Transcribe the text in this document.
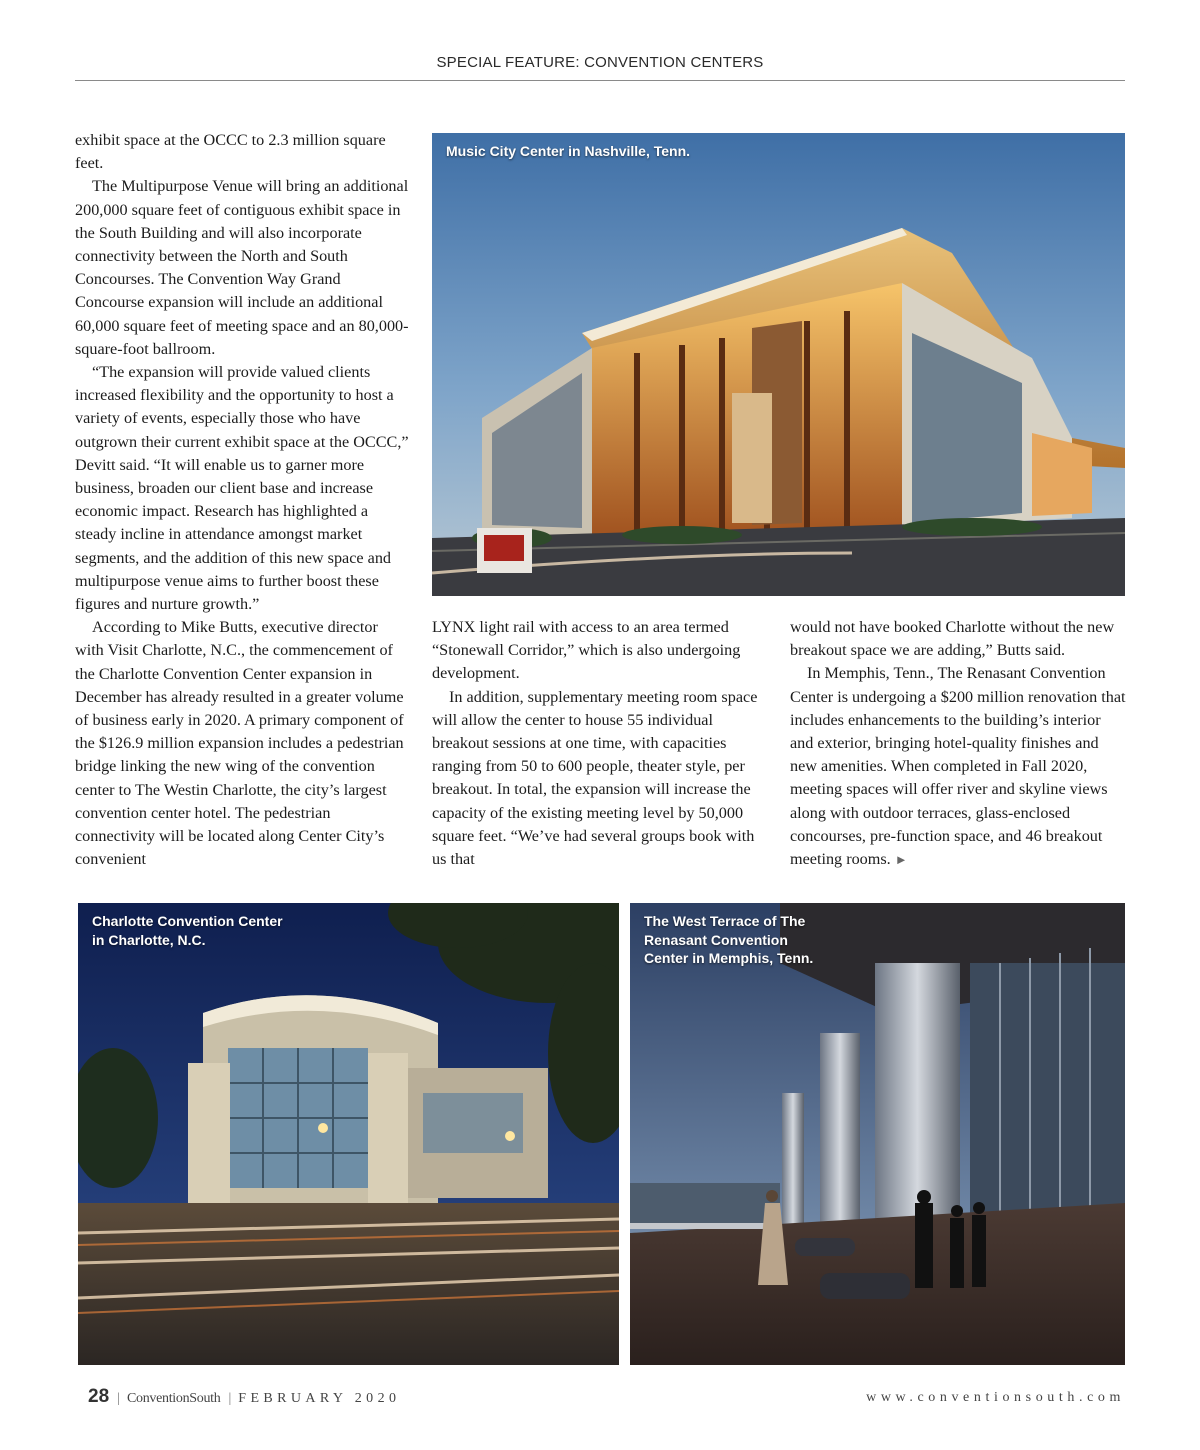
SPECIAL FEATURE: CONVENTION CENTERS

exhibit space at the OCCC to 2.3 million square feet.

The Multipurpose Venue will bring an additional 200,000 square feet of contiguous exhibit space in the South Building and will also incorporate connectivity between the North and South Concourses. The Convention Way Grand Concourse expansion will include an additional 60,000 square feet of meeting space and an 80,000-square-foot ballroom.

“The expansion will provide valued clients increased flexibility and the opportunity to host a variety of events, especially those who have outgrown their current exhibit space at the OCCC,” Devitt said. “It will enable us to garner more business, broaden our client base and increase economic impact. Research has highlighted a steady incline in attendance amongst market segments, and the addition of this new space and multipurpose venue aims to further boost these figures and nurture growth.”

According to Mike Butts, executive director with Visit Charlotte, N.C., the commencement of the Charlotte Convention Center expansion in December has already resulted in a greater volume of business early in 2020. A primary component of the $126.9 million expansion includes a pedestrian bridge linking the new wing of the convention center to The Westin Charlotte, the city’s largest convention center hotel. The pedestrian connectivity will be located along Center City’s convenient

Music City Center in Nashville, Tenn.

LYNX light rail with access to an area termed “Stonewall Corridor,” which is also undergoing development.

In addition, supplementary meeting room space will allow the center to house 55 individual breakout sessions at one time, with capacities ranging from 50 to 600 people, theater style, per breakout. In total, the expansion will increase the capacity of the existing meeting level by 50,000 square feet. “We’ve had several groups book with us that

would not have booked Charlotte without the new breakout space we are adding,” Butts said.

In Memphis, Tenn., The Renasant Convention Center is undergoing a $200 million renovation that includes enhancements to the building’s interior and exterior, bringing hotel-quality finishes and new amenities. When completed in Fall 2020, meeting spaces will offer river and skyline views along with outdoor terraces, glass-enclosed concourses, pre-function space, and 46 breakout meeting rooms. ►

Charlotte Convention Center
in Charlotte, N.C.
The West Terrace of The
Renasant Convention
Center in Memphis, Tenn.
28 | ConventionSouth | FEBRUARY 2020	www.conventionsouth.com
